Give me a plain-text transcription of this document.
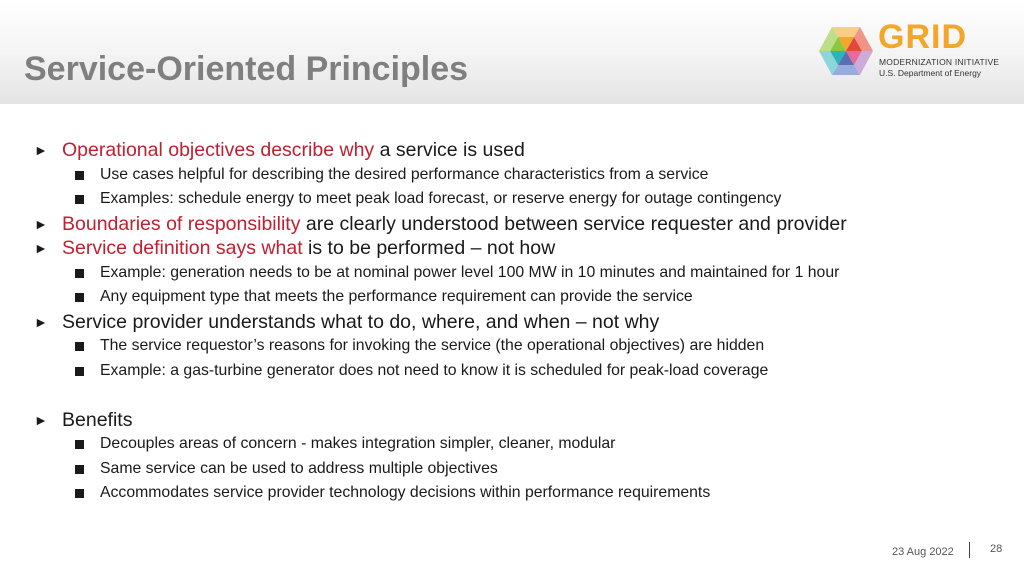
Service-Oriented Principles
GRID
MODERNIZATION INITIATIVE
U.S. Department of Energy
► Operational objectives describe why a service is used
Use cases helpful for describing the desired performance characteristics from a service
Examples: schedule energy to meet peak load forecast, or reserve energy for outage contingency
► Boundaries of responsibility are clearly understood between service requester and provider
► Service definition says what is to be performed – not how
Example: generation needs to be at nominal power level 100 MW in 10 minutes and maintained for 1 hour
Any equipment type that meets the performance requirement can provide the service
► Service provider understands what to do, where, and when – not why
The service requestor’s reasons for invoking the service (the operational objectives) are hidden
Example: a gas-turbine generator does not need to know it is scheduled for peak-load coverage
► Benefits
Decouples areas of concern - makes integration simpler, cleaner, modular
Same service can be used to address multiple objectives
Accommodates service provider technology decisions within performance requirements
23 Aug 2022	28
